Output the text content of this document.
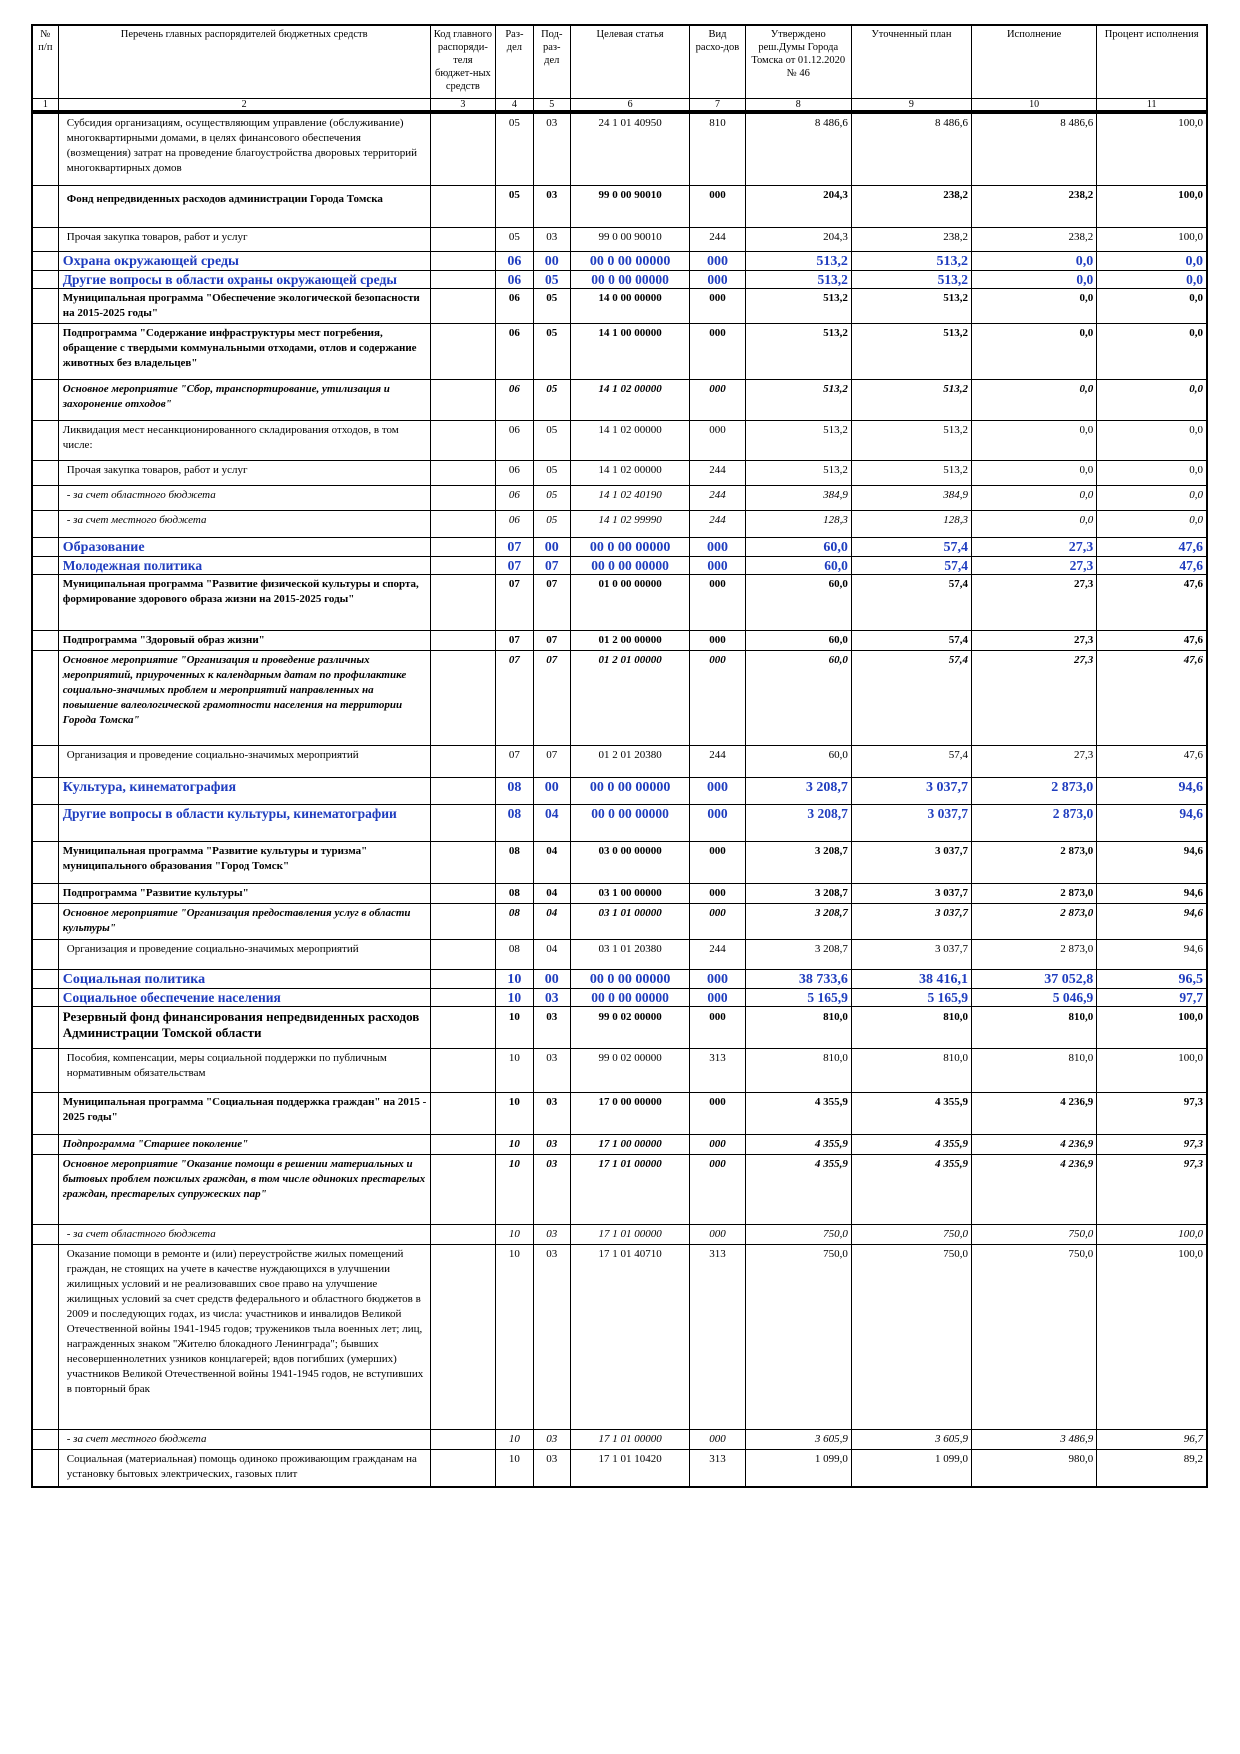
№ п/п	Перечень главных распорядителей бюджетных средств	Код главного распоряди-теля бюджет-ных средств	Раз-дел	Под-раз-дел	Целевая статья	Вид расхо-дов	Утверждено реш.Думы Города Томска от 01.12.2020 № 46	Уточненный план	Исполнение	Процент исполнения
1	2	3	4	5	6	7	8	9	10	11
	Субсидия организациям, осуществляющим управление (обслуживание) многоквартирными домами, в целях финансового обеспечения (возмещения) затрат на проведение благоустройства дворовых территорий многоквартирных домов		05	03	24 1 01 40950	810	8 486,6	8 486,6	8 486,6	100,0
	Фонд непредвиденных расходов администрации Города Томска		05	03	99 0 00 90010	000	204,3	238,2	238,2	100,0
	Прочая закупка товаров, работ и услуг		05	03	99 0 00 90010	244	204,3	238,2	238,2	100,0
	Охрана окружающей среды		06	00	00 0 00 00000	000	513,2	513,2	0,0	0,0
	Другие вопросы в области охраны окружающей среды		06	05	00 0 00 00000	000	513,2	513,2	0,0	0,0
	Муниципальная программа "Обеспечение экологической безопасности на 2015-2025 годы"		06	05	14 0 00 00000	000	513,2	513,2	0,0	0,0
	Подпрограмма "Содержание инфраструктуры мест погребения, обращение с твердыми коммунальными отходами, отлов и содержание животных без владельцев"		06	05	14 1 00 00000	000	513,2	513,2	0,0	0,0
	Основное мероприятие "Сбор, транспортирование, утилизация и захоронение отходов"		06	05	14 1 02 00000	000	513,2	513,2	0,0	0,0
	Ликвидация мест несанкционированного складирования отходов, в том числе:		06	05	14 1 02 00000	000	513,2	513,2	0,0	0,0
	Прочая закупка товаров, работ и услуг		06	05	14 1 02 00000	244	513,2	513,2	0,0	0,0
	- за счет областного бюджета		06	05	14 1 02 40190	244	384,9	384,9	0,0	0,0
	- за счет местного бюджета		06	05	14 1 02 99990	244	128,3	128,3	0,0	0,0
	Образование		07	00	00 0 00 00000	000	60,0	57,4	27,3	47,6
	Молодежная политика		07	07	00 0 00 00000	000	60,0	57,4	27,3	47,6
	Муниципальная программа "Развитие физической культуры и спорта, формирование здорового образа жизни на 2015-2025 годы"		07	07	01 0 00 00000	000	60,0	57,4	27,3	47,6
	Подпрограмма "Здоровый образ жизни"		07	07	01 2 00 00000	000	60,0	57,4	27,3	47,6
	Основное мероприятие "Организация и проведение различных мероприятий, приуроченных к календарным датам по профилактике социально-значимых проблем и мероприятий направленных на повышение валеологической грамотности населения на территории Города Томска"		07	07	01 2 01 00000	000	60,0	57,4	27,3	47,6
	Организация и проведение социально-значимых мероприятий		07	07	01 2 01 20380	244	60,0	57,4	27,3	47,6
	Культура, кинематография		08	00	00 0 00 00000	000	3 208,7	3 037,7	2 873,0	94,6
	Другие вопросы в области культуры, кинематографии		08	04	00 0 00 00000	000	3 208,7	3 037,7	2 873,0	94,6
	Муниципальная программа "Развитие культуры и туризма" муниципального образования "Город Томск"		08	04	03 0 00 00000	000	3 208,7	3 037,7	2 873,0	94,6
	Подпрограмма "Развитие культуры"		08	04	03 1 00 00000	000	3 208,7	3 037,7	2 873,0	94,6
	Основное мероприятие "Организация предоставления услуг в области культуры"		08	04	03 1 01 00000	000	3 208,7	3 037,7	2 873,0	94,6
	Организация и проведение социально-значимых мероприятий		08	04	03 1 01 20380	244	3 208,7	3 037,7	2 873,0	94,6
	Социальная политика		10	00	00 0 00 00000	000	38 733,6	38 416,1	37 052,8	96,5
	Социальное обеспечение населения		10	03	00 0 00 00000	000	5 165,9	5 165,9	5 046,9	97,7
	Резервный фонд финансирования непредвиденных расходов Администрации Томской области		10	03	99 0 02 00000	000	810,0	810,0	810,0	100,0
	Пособия, компенсации, меры социальной поддержки по публичным нормативным обязательствам		10	03	99 0 02 00000	313	810,0	810,0	810,0	100,0
	Муниципальная программа "Социальная поддержка граждан" на 2015 - 2025 годы"		10	03	17 0 00 00000	000	4 355,9	4 355,9	4 236,9	97,3
	Подпрограмма "Старшее поколение"		10	03	17 1 00 00000	000	4 355,9	4 355,9	4 236,9	97,3
	Основное мероприятие "Оказание помощи в решении материальных и бытовых проблем пожилых граждан, в том числе одиноких престарелых граждан, престарелых супружеских пар"		10	03	17 1 01 00000	000	4 355,9	4 355,9	4 236,9	97,3
	- за счет областного бюджета		10	03	17 1 01 00000	000	750,0	750,0	750,0	100,0
	Оказание помощи в ремонте и (или) переустройстве жилых помещений граждан, не стоящих на учете в качестве нуждающихся в улучшении жилищных условий и не реализовавших свое право на улучшение жилищных условий за счет средств федерального и областного бюджетов в 2009 и последующих годах, из числа: участников и инвалидов Великой Отечественной войны 1941-1945 годов; тружеников тыла военных лет; лиц, награжденных знаком "Жителю блокадного Ленинграда"; бывших несовершеннолетних узников концлагерей; вдов погибших (умерших) участников Великой Отечественной войны 1941-1945 годов, не вступивших в повторный брак		10	03	17 1 01 40710	313	750,0	750,0	750,0	100,0
	- за счет местного бюджета		10	03	17 1 01 00000	000	3 605,9	3 605,9	3 486,9	96,7
	Социальная (материальная) помощь одиноко проживающим гражданам на установку бытовых электрических, газовых плит		10	03	17 1 01 10420	313	1 099,0	1 099,0	980,0	89,2
